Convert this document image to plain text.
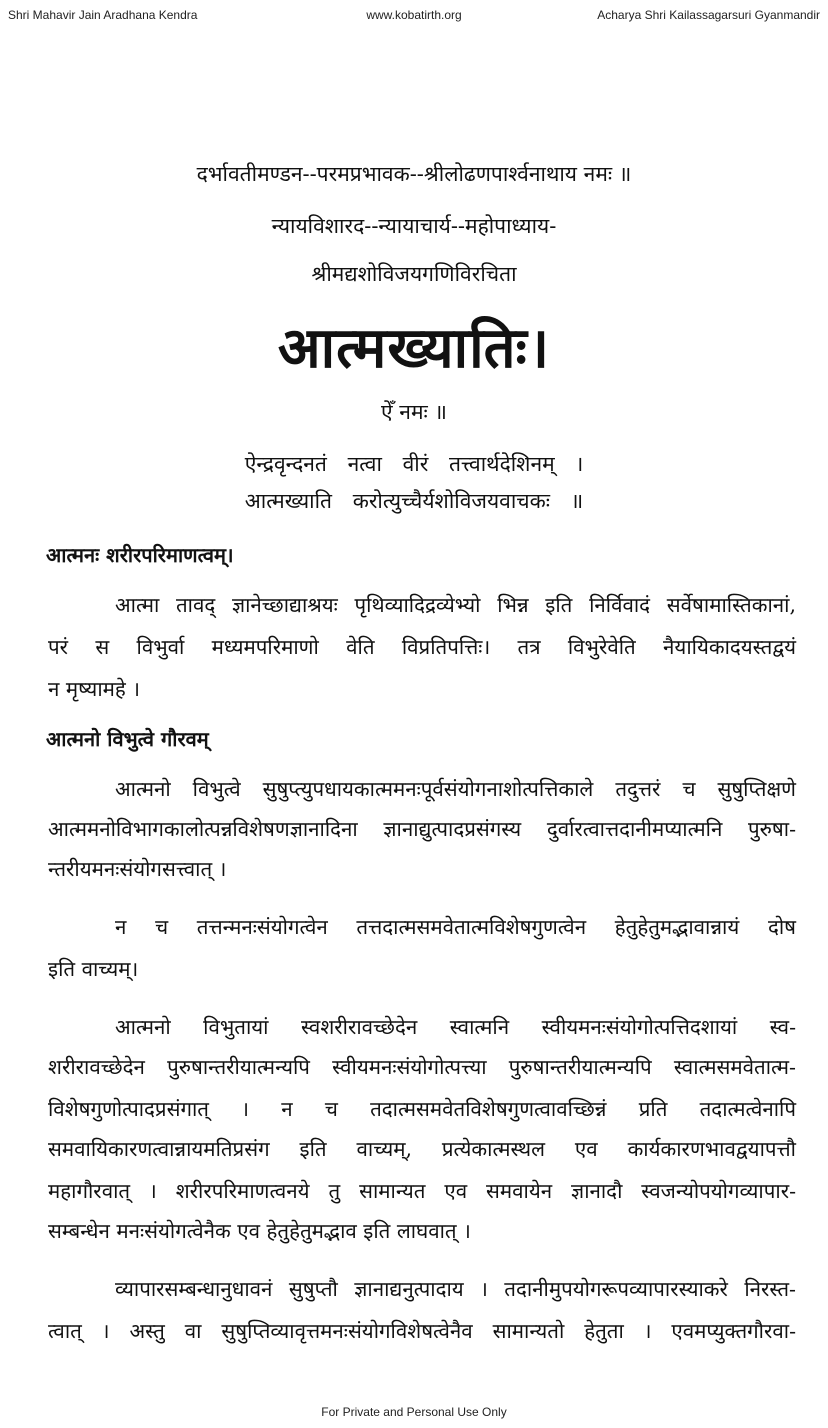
Shri Mahavir Jain Aradhana Kendra	www.kobatirth.org	Acharya Shri Kailassagarsuri Gyanmandir
दर्भावतीमण्डन--परमप्रभावक--श्रीलोढणपार्श्वनाथाय नमः ॥
न्यायविशारद--न्यायाचार्य--महोपाध्याय-
श्रीमद्यशोविजयगणिविरचिता
आत्मख्यातिः।
ऐँ नमः ॥
ऐन्द्रवृन्दनतं नत्वा वीरं तत्त्वार्थदेशिनम् ।
आत्मख्याति करोत्युच्चैर्यशोविजयवाचकः ॥
आत्मनः शरीरपरिमाणत्वम्।
आत्मा तावद् ज्ञानेच्छाद्याश्रयः पृथिव्यादिद्रव्येभ्यो भिन्न इति निर्विवादं सर्वेषामास्तिकानां,
परं स विभुर्वा मध्यमपरिमाणो वेति विप्रतिपत्तिः। तत्र विभुरेवेति नैयायिकादयस्तद्वयं
न मृष्यामहे ।
आत्मनो विभुत्वे गौरवम्
आत्मनो विभुत्वे सुषुप्त्युपधायकात्ममनःपूर्वसंयोगनाशोत्पत्तिकाले तदुत्तरं च सुषुप्तिक्षणे
आत्ममनोविभागकालोत्पन्नविशेषणज्ञानादिना ज्ञानाद्युत्पादप्रसंगस्य दुर्वारत्वात्तदानीमप्यात्मनि पुरुषा-
न्तरीयमनःसंयोगसत्त्वात् ।
न च तत्तन्मनःसंयोगत्वेन तत्तदात्मसमवेतात्मविशेषगुणत्वेन हेतुहेतुमद्भावान्नायं दोष
इति वाच्यम्।
आत्मनो विभुतायां स्वशरीरावच्छेदेन स्वात्मनि स्वीयमनःसंयोगोत्पत्तिदशायां स्व-
शरीरावच्छेदेन पुरुषान्तरीयात्मन्यपि स्वीयमनःसंयोगोत्पत्त्या पुरुषान्तरीयात्मन्यपि स्वात्मसमवेतात्म-
विशेषगुणोत्पादप्रसंगात् । न च तदात्मसमवेतविशेषगुणत्वावच्छिन्नं प्रति तदात्मत्वेनापि
समवायिकारणत्वान्नायमतिप्रसंग इति वाच्यम्, प्रत्येकात्मस्थल एव कार्यकारणभावद्वयापत्तौ
महागौरवात् । शरीरपरिमाणत्वनये तु सामान्यत एव समवायेन ज्ञानादौ स्वजन्योपयोगव्यापार-
सम्बन्धेन मनःसंयोगत्वेनैक एव हेतुहेतुमद्भाव इति लाघवात् ।
व्यापारसम्बन्धानुधावनं सुषुप्तौ ज्ञानाद्यनुत्पादाय । तदानीमुपयोगरूपव्यापारस्याकरे निरस्त-
त्वात् । अस्तु वा सुषुप्तिव्यावृत्तमनःसंयोगविशेषत्वेनैव सामान्यतो हेतुता । एवमप्युक्तगौरवा-
For Private and Personal Use Only
